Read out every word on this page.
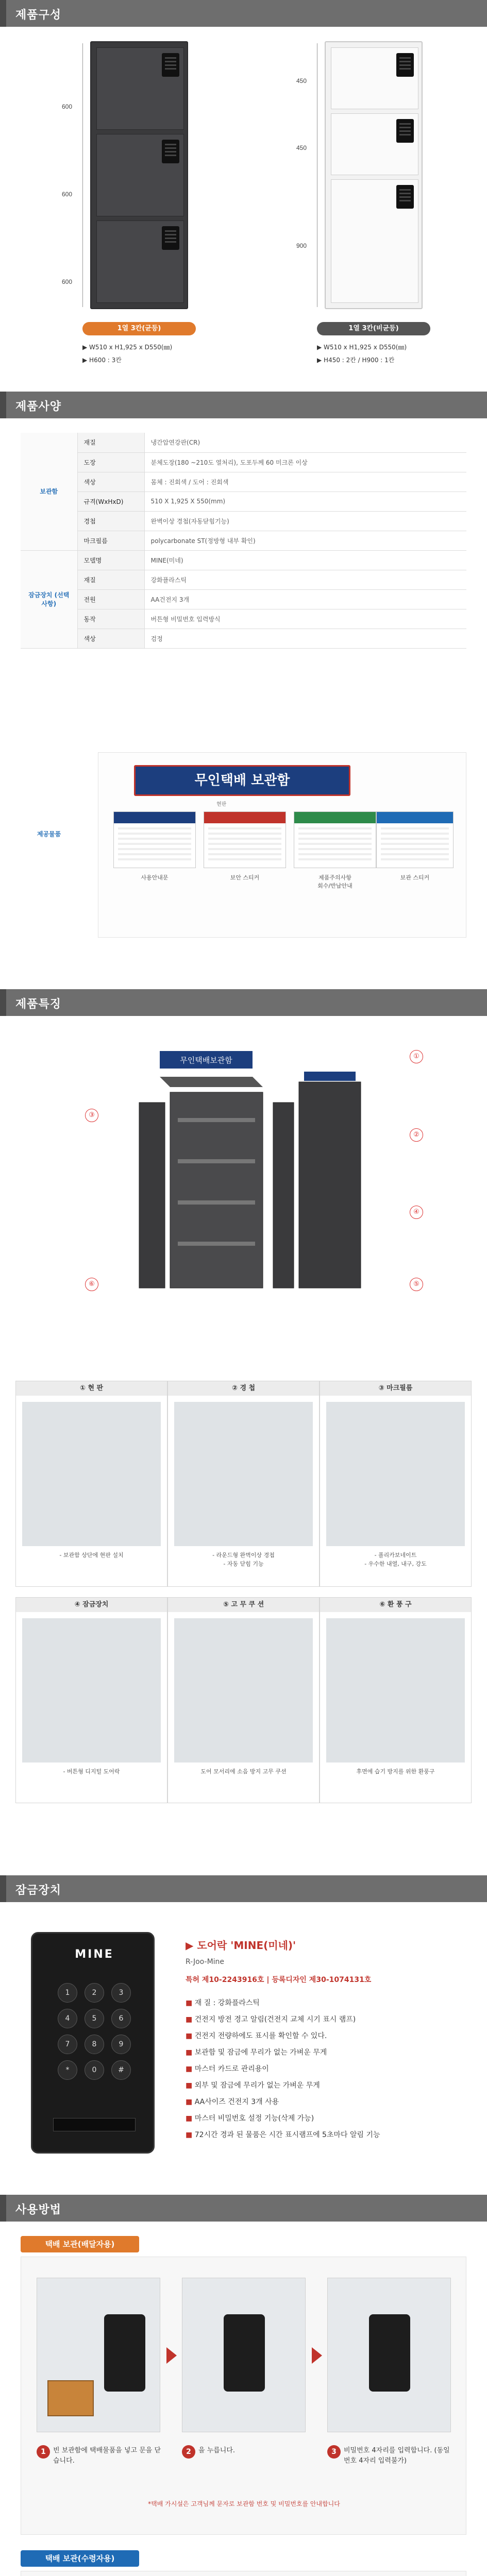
제품구성
600
600
600
1열 3칸(균등)
▶ W510 x H1,925 x D550(㎜)
▶ H600 : 3칸
450
450
900
1열 3칸(비균등)
▶ W510 x H1,925 x D550(㎜)
▶ H450 : 2칸 / H900 : 1칸
제품사양
보관함	재질	냉간압연강판(CR)
	도장	분체도장(180 ~210도 열처리), 도포두께 60 미크론 이상
	색상	몸체 : 진회색 / 도어 : 진회색
	규격(WxHxD)	510 X 1,925 X 550(mm)
	경첩	완벽이상 경첩(자동닫힘기능)
	마크필름	polycarbonate ST(정방형 내부 확인)
잠금장치 (선택사항)	모델명	MINE(미네)
	재질	강화플라스틱
	전원	AA건전지 3개
	동작	버튼형 비밀번호 입력방식
	색상	검정
제공물품
무인택배 보관함
현판
사용안내문	보안 스티커	제품주의사항
회수/반납안내
보관 스티커
제품특징
무인택배보관함	①
②
③
④
⑤
⑥
① 현 판
- 보관함 상단에 현판 설치
② 경 첩
- 라운드형 완벽이상 경첩
- 자동 닫힘 기능
③ 마크필름
- 폴리카보네이트
- 우수한 내열, 내구, 강도
④ 잠금장치
- 버튼형 디지털 도어락
⑤ 고 무 쿠 션
도어 모서리에 소음 방지 고무 쿠션
⑥ 환 풍 구
후면에 습기 방지를 위한 환풍구
잠금장치
MINE
1	2	34	5	67	8	9*	0	#
▶ 도어락 'MINE(미네)'
R-Joo-Mine
특허 제10-2243916호 | 등록디자인 제30-1074131호
■ 재 질 : 강화플라스틱
■ 건전지 방전 경고 알림(건전지 교체 시기 표시 램프)
■ 건전지 전량하에도 표시를 확인할 수 있다.
■ 보관함 및 잠금에 무리가 없는 가벼운 무게
■ 마스터 카드로 관리용이
■ 외부 및 잠금에 무리가 없는 가벼운 무게
■ AA사이즈 건전지 3개 사용
■ 마스터 비밀번호 설정 기능(삭제 가능)
■ 72시간 경과 된 물품은 시간 표시램프에 5초마다 알림 기능
사용방법
택배 보관(배달자용)
1	빈 보관함에 택배물품을 넣고 문을 닫습니다.
2	을 누릅니다.	3	비밀번호 4자리를 입력합니다. (동일번호 4자리 입력불가)
*택배 가시설은 고객님께 문자로 보관함 번호 및 비밀번호를 안내합니다
택배 보관(수령자용)
